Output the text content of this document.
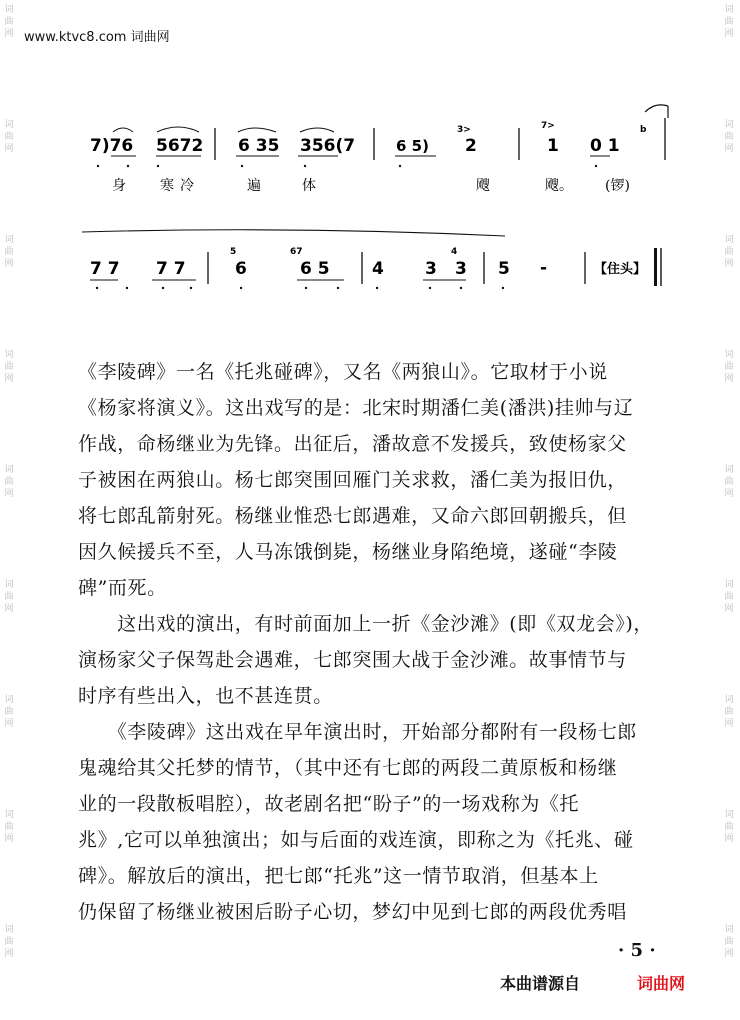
www.ktvc8.com 词曲网
词
曲
网
词
曲
网
词
曲
网
词
曲
网
词
曲
网
词
曲
网
词
曲
网
词
曲
网
词
曲
网
词
曲
网
词
曲
网
词
曲
网
词
曲
网
词
曲
网
词
曲
网
词
曲
网
词
曲
网
词
曲
网
7)76 5672 6 35 356(7	6 5)
3>
2
7>
1 0 1
b
身 寒冷	遍	体	飕	飕。 (锣)
7 7 7 7
5
6
67
6 5 4 3
4
3 5 -	【住头】
《李陵碑》一名《托兆碰碑》，又名《两狼山》。它取材于小说
《杨家将演义》。这出戏写的是：北宋时期潘仁美(潘洪)挂帅与辽
作战，命杨继业为先锋。出征后，潘故意不发援兵，致使杨家父
子被困在两狼山。杨七郎突围回雁门关求救，潘仁美为报旧仇，
将七郎乱箭射死。杨继业惟恐七郎遇难，又命六郎回朝搬兵，但
因久候援兵不至，人马冻饿倒毙，杨继业身陷绝境，遂碰“李陵
碑”而死。
　　这出戏的演出，有时前面加上一折《金沙滩》(即《双龙会》)，
演杨家父子保驾赴会遇难，七郎突围大战于金沙滩。故事情节与
时序有些出入，也不甚连贯。
　　《李陵碑》这出戏在早年演出时，开始部分都附有一段杨七郎
鬼魂给其父托梦的情节，（其中还有七郎的两段二黄原板和杨继
业的一段散板唱腔），故老剧名把“盼子”的一场戏称为《托
兆》,它可以单独演出；如与后面的戏连演，即称之为《托兆、碰
碑》。解放后的演出，把七郎“托兆”这一情节取消，但基本上
仍保留了杨继业被困后盼子心切，梦幻中见到七郎的两段优秀唱
· 5 ·
本曲谱源自	词曲网
